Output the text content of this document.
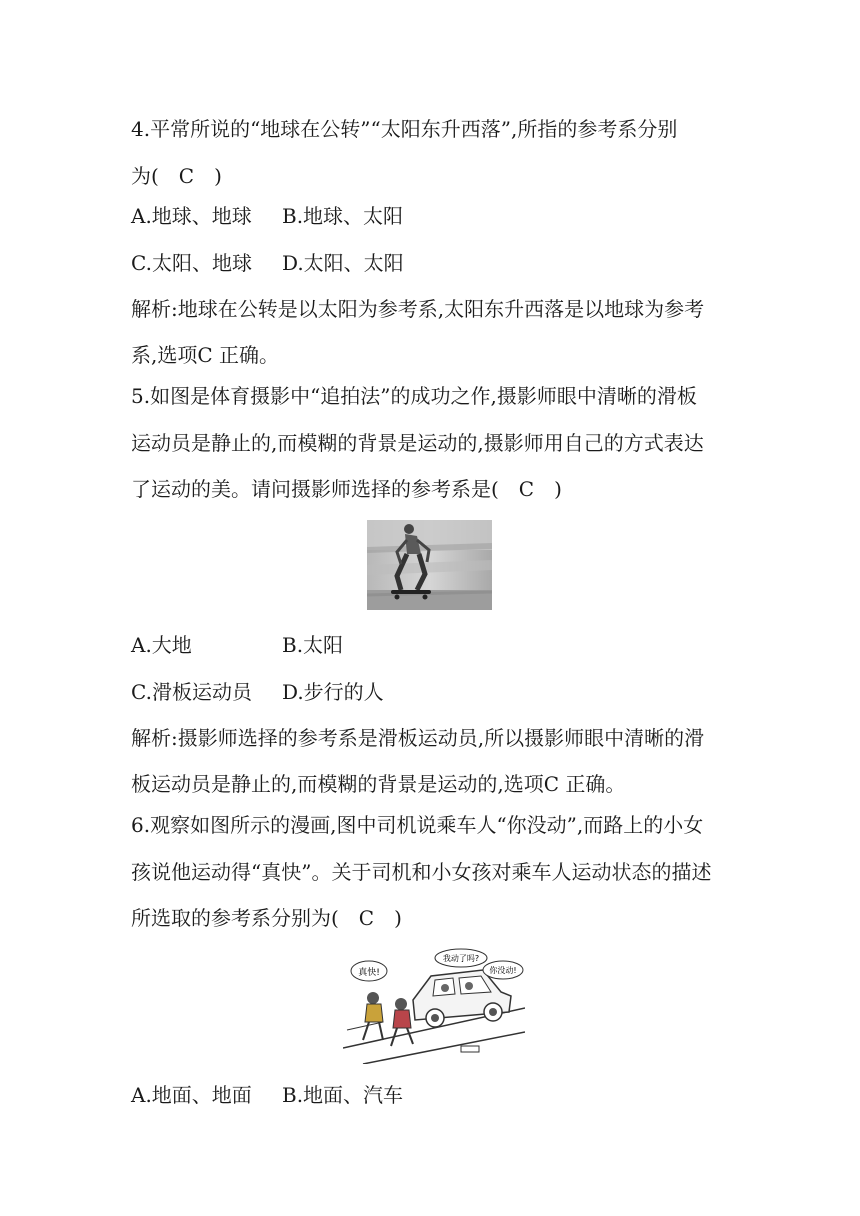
4.平常所说的“地球在公转”“太阳东升西落”,所指的参考系分别
为(　C　)
A.地球、地球 B.地球、太阳
C.太阳、地球 D.太阳、太阳
解析:地球在公转是以太阳为参考系,太阳东升西落是以地球为参考
系,选项C 正确。
5.如图是体育摄影中“追拍法”的成功之作,摄影师眼中清晰的滑板
运动员是静止的,而模糊的背景是运动的,摄影师用自己的方式表达
了运动的美。请问摄影师选择的参考系是(　C　)
A.大地	B.太阳
C.滑板运动员 D.步行的人
解析:摄影师选择的参考系是滑板运动员,所以摄影师眼中清晰的滑
板运动员是静止的,而模糊的背景是运动的,选项C 正确。
6.观察如图所示的漫画,图中司机说乘车人“你没动”,而路上的小女
孩说他运动得“真快”。关于司机和小女孩对乘车人运动状态的描述
所选取的参考系分别为(　C　)
真快!
我动了吗?
你没动!
A.地面、地面 B.地面、汽车
